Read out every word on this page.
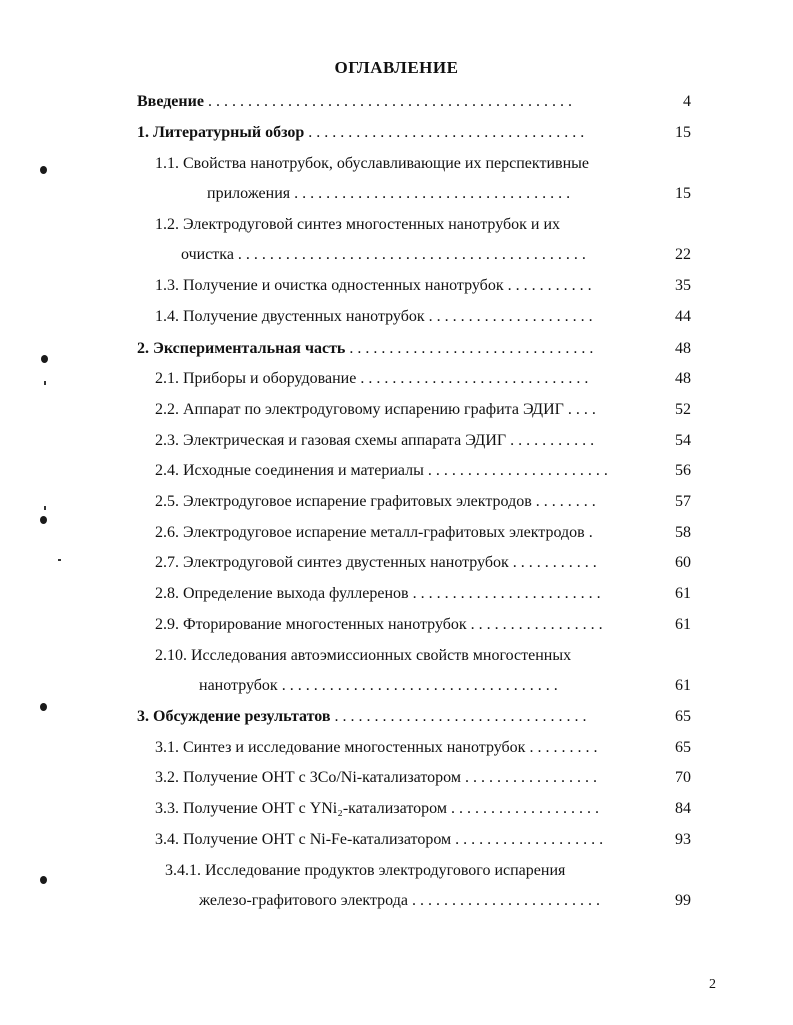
ОГЛАВЛЕНИЕ
Введение . . . . . . . . . . . . . . . . . . . . . . . . . . . . . . . . . . . . . . . . . . . . . .	4
1. Литературный обзор . . . . . . . . . . . . . . . . . . . . . . . . . . . . . . . . . . .	15
1.1. Свойства нанотрубок, обуславливающие их перспективные
приложения . . . . . . . . . . . . . . . . . . . . . . . . . . . . . . . . . . .	15
1.2. Электродуговой синтез многостенных нанотрубок и их
очистка . . . . . . . . . . . . . . . . . . . . . . . . . . . . . . . . . . . . . . . . . . . .	22
1.3. Получение и очистка одностенных нанотрубок . . . . . . . . . . .	35
1.4. Получение двустенных нанотрубок . . . . . . . . . . . . . . . . . . . . .	44
2. Экспериментальная часть . . . . . . . . . . . . . . . . . . . . . . . . . . . . . . .	48
2.1. Приборы и оборудование . . . . . . . . . . . . . . . . . . . . . . . . . . . . .	48
2.2. Аппарат по электродуговому испарению графита ЭДИГ . . . .	52
2.3. Электрическая и газовая схемы аппарата ЭДИГ . . . . . . . . . . .	54
2.4. Исходные соединения и материалы . . . . . . . . . . . . . . . . . . . . . . .	56
2.5. Электродуговое испарение графитовых электродов . . . . . . . .	57
2.6. Электродуговое испарение металл-графитовых электродов .	58
2.7. Электродуговой синтез двустенных нанотрубок . . . . . . . . . . .	60
2.8. Определение выхода фуллеренов . . . . . . . . . . . . . . . . . . . . . . . .	61
2.9. Фторирование многостенных нанотрубок . . . . . . . . . . . . . . . . .	61
2.10. Исследования автоэмиссионных свойств многостенных
нанотрубок . . . . . . . . . . . . . . . . . . . . . . . . . . . . . . . . . . .	61
3. Обсуждение результатов . . . . . . . . . . . . . . . . . . . . . . . . . . . . . . . .	65
3.1. Синтез и исследование многостенных нанотрубок . . . . . . . . .	65
3.2. Получение ОНТ с 3Co/Ni-катализатором . . . . . . . . . . . . . . . . .	70
3.3. Получение ОНТ с YNi₂-катализатором . . . . . . . . . . . . . . . . . . .	84
3.4. Получение ОНТ с Ni-Fe-катализатором . . . . . . . . . . . . . . . . . . .	93
3.4.1. Исследование продуктов электродугового испарения
железо-графитового электрода . . . . . . . . . . . . . . . . . . . . . . . .	99
2
